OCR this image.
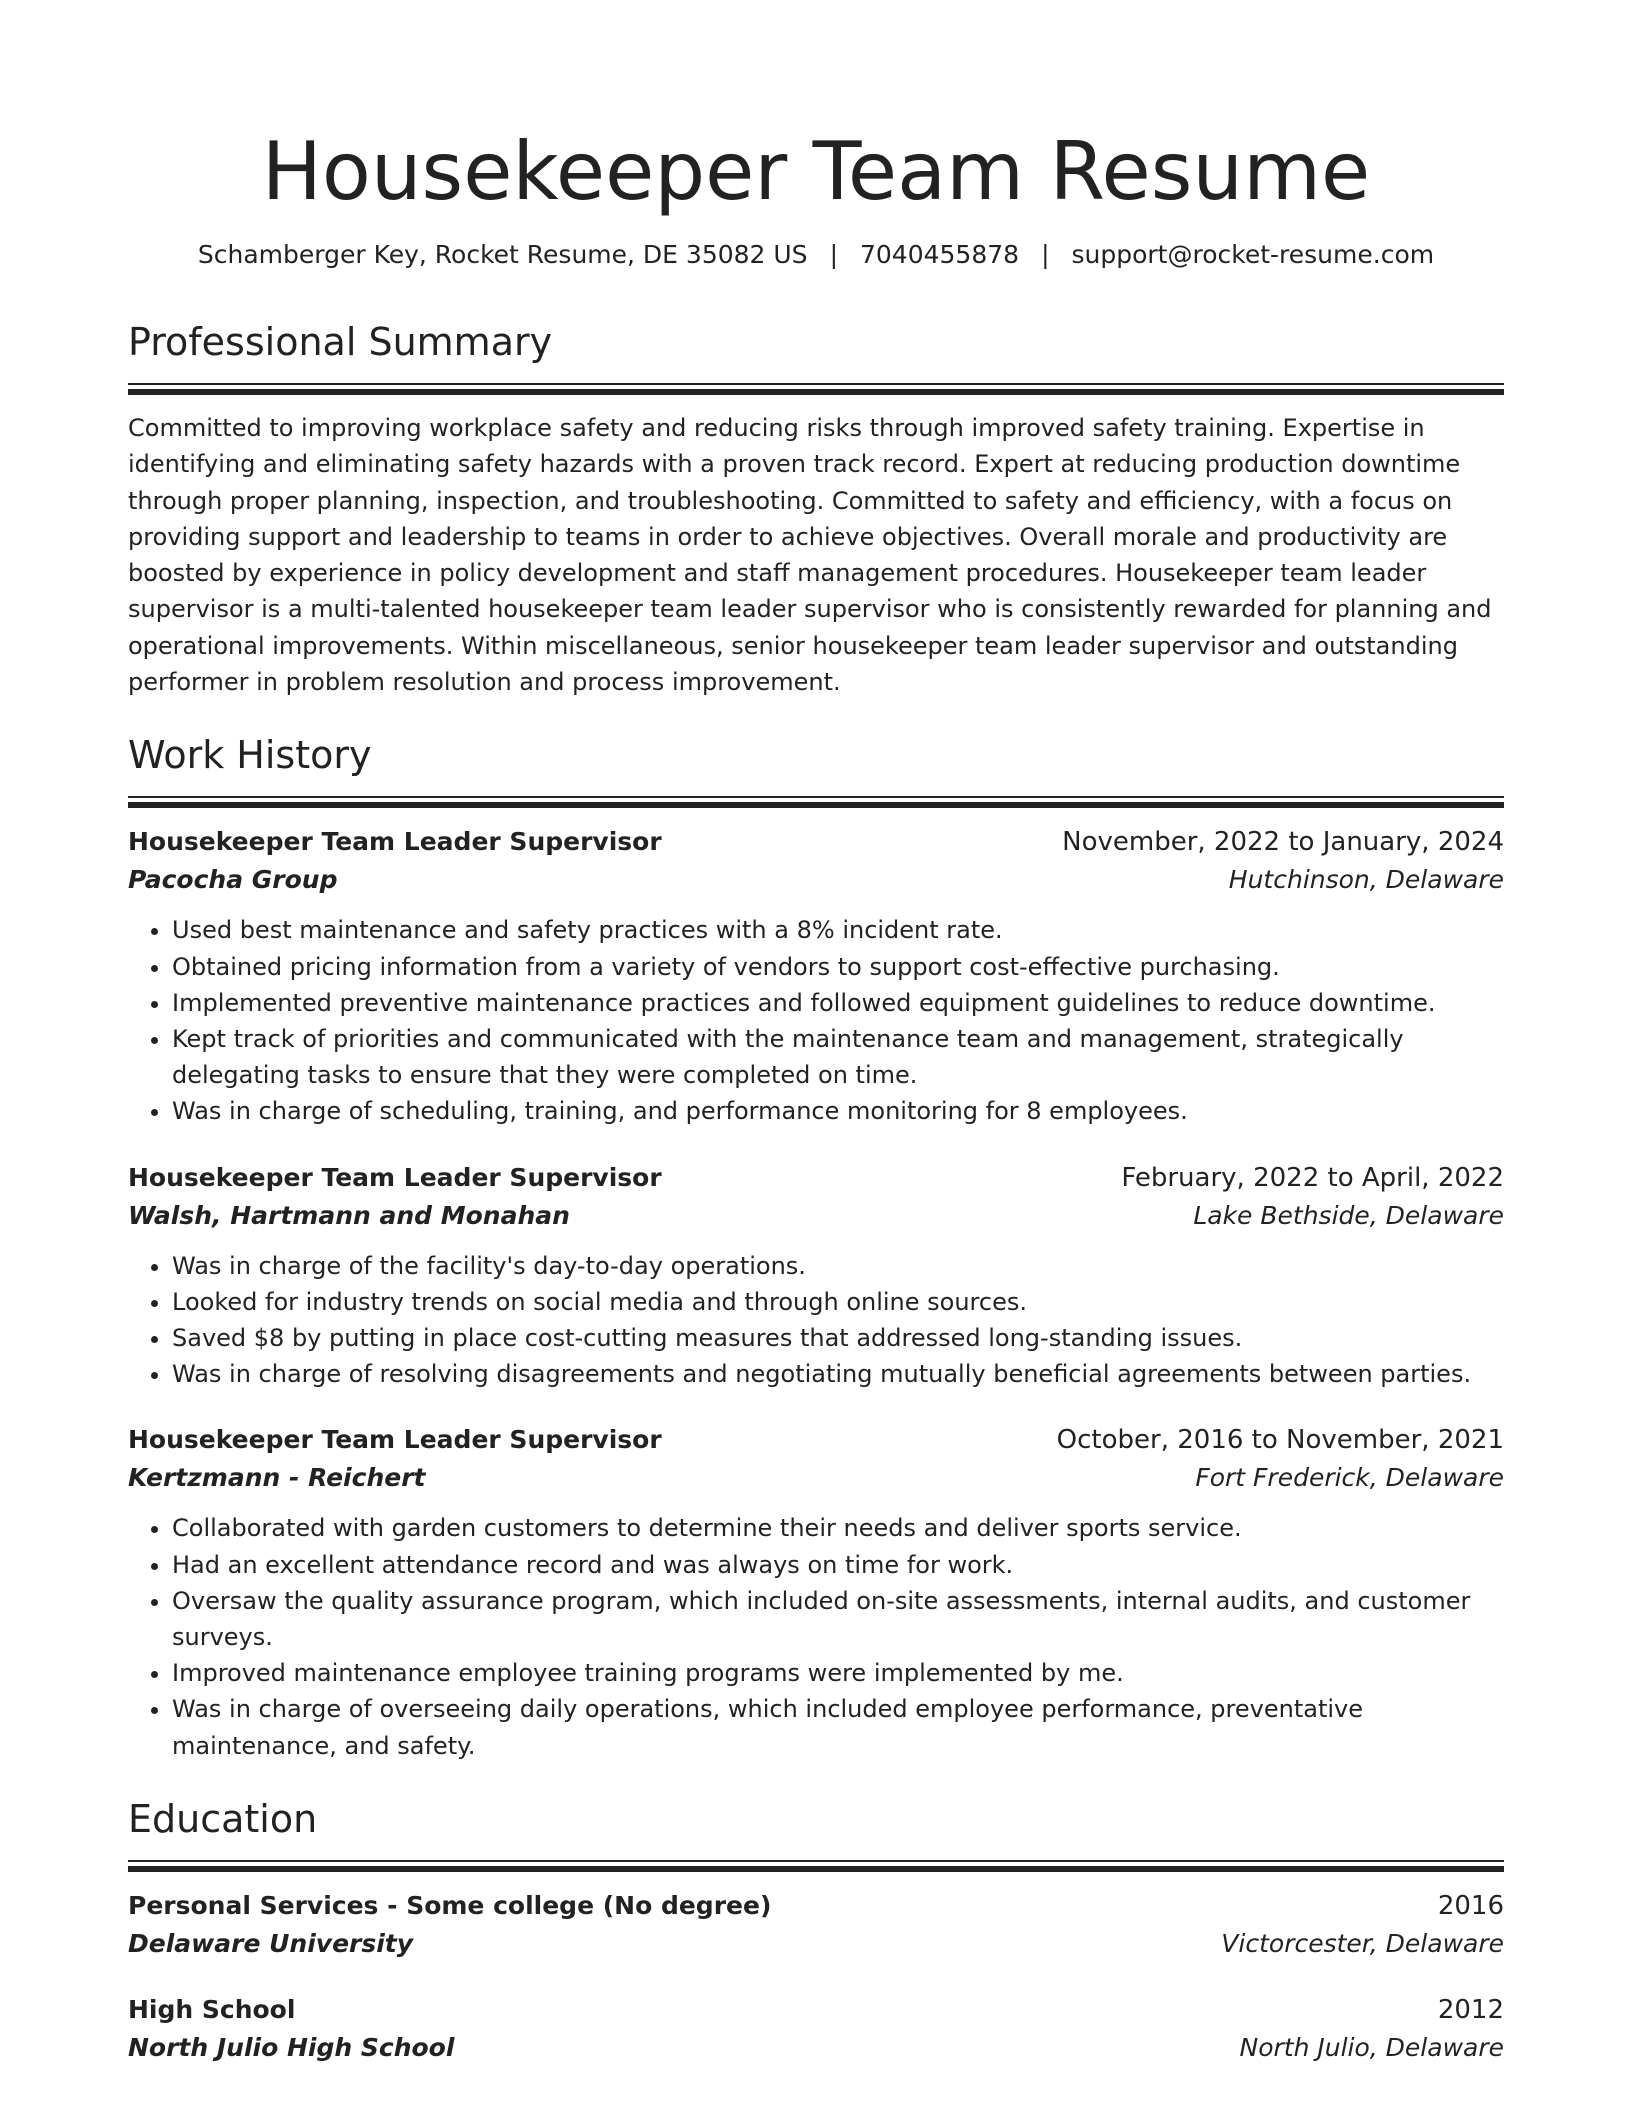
Housekeeper Team Resume
Schamberger Key, Rocket Resume, DE 35082 US | 7040455878 | support@rocket-resume.com
Professional Summary

Committed to improving workplace safety and reducing risks through improved safety training. Expertise in identifying and eliminating safety hazards with a proven track record. Expert at reducing production downtime through proper planning, inspection, and troubleshooting. Committed to safety and efficiency, with a focus on providing support and leadership to teams in order to achieve objectives. Overall morale and productivity are boosted by experience in policy development and staff management procedures. Housekeeper team leader supervisor is a multi-talented housekeeper team leader supervisor who is consistently rewarded for planning and operational improvements. Within miscellaneous, senior housekeeper team leader supervisor and outstanding performer in problem resolution and process improvement.

Work History
Housekeeper Team Leader Supervisor	November, 2022 to January, 2024
Pacocha Group	Hutchinson, Delaware
• Used best maintenance and safety practices with a 8% incident rate.
• Obtained pricing information from a variety of vendors to support cost-effective purchasing.
• Implemented preventive maintenance practices and followed equipment guidelines to reduce downtime.
• Kept track of priorities and communicated with the maintenance team and management, strategically delegating tasks to ensure that they were completed on time.
• Was in charge of scheduling, training, and performance monitoring for 8 employees.
Housekeeper Team Leader Supervisor	February, 2022 to April, 2022
Walsh, Hartmann and Monahan	Lake Bethside, Delaware
• Was in charge of the facility's day-to-day operations.
• Looked for industry trends on social media and through online sources.
• Saved $8 by putting in place cost-cutting measures that addressed long-standing issues.
• Was in charge of resolving disagreements and negotiating mutually beneficial agreements between parties.
Housekeeper Team Leader Supervisor	October, 2016 to November, 2021
Kertzmann - Reichert	Fort Frederick, Delaware
• Collaborated with garden customers to determine their needs and deliver sports service.
• Had an excellent attendance record and was always on time for work.
• Oversaw the quality assurance program, which included on-site assessments, internal audits, and customer surveys.
• Improved maintenance employee training programs were implemented by me.
• Was in charge of overseeing daily operations, which included employee performance, preventative maintenance, and safety.
Education
Personal Services - Some college (No degree)	2016
Delaware University	Victorcester, Delaware
High School	2012
North Julio High School	North Julio, Delaware
